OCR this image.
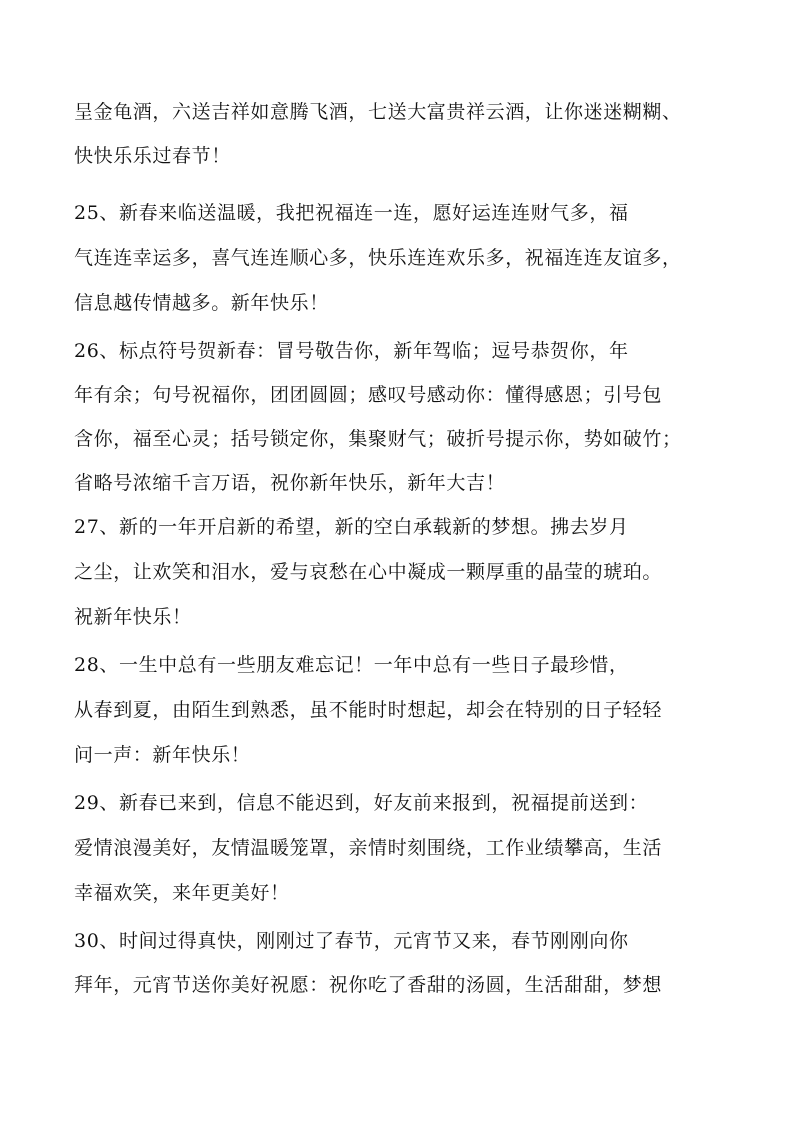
呈金龟酒，六送吉祥如意腾飞酒，七送大富贵祥云酒，让你迷迷糊糊、
快快乐乐过春节！
25、新春来临送温暖，我把祝福连一连，愿好运连连财气多，福
气连连幸运多，喜气连连顺心多，快乐连连欢乐多，祝福连连友谊多，
信息越传情越多。新年快乐！
26、标点符号贺新春：冒号敬告你，新年驾临；逗号恭贺你，年
年有余；句号祝福你，团团圆圆；感叹号感动你：懂得感恩；引号包
含你，福至心灵；括号锁定你，集聚财气；破折号提示你，势如破竹；
省略号浓缩千言万语，祝你新年快乐，新年大吉！
27、新的一年开启新的希望，新的空白承载新的梦想。拂去岁月
之尘，让欢笑和泪水，爱与哀愁在心中凝成一颗厚重的晶莹的琥珀。
祝新年快乐！
28、一生中总有一些朋友难忘记！一年中总有一些日子最珍惜，
从春到夏，由陌生到熟悉，虽不能时时想起，却会在特别的日子轻轻
问一声：新年快乐！
29、新春已来到，信息不能迟到，好友前来报到，祝福提前送到：
爱情浪漫美好，友情温暖笼罩，亲情时刻围绕，工作业绩攀高，生活
幸福欢笑，来年更美好！
30、时间过得真快，刚刚过了春节，元宵节又来，春节刚刚向你
拜年，元宵节送你美好祝愿：祝你吃了香甜的汤圆，生活甜甜，梦想
